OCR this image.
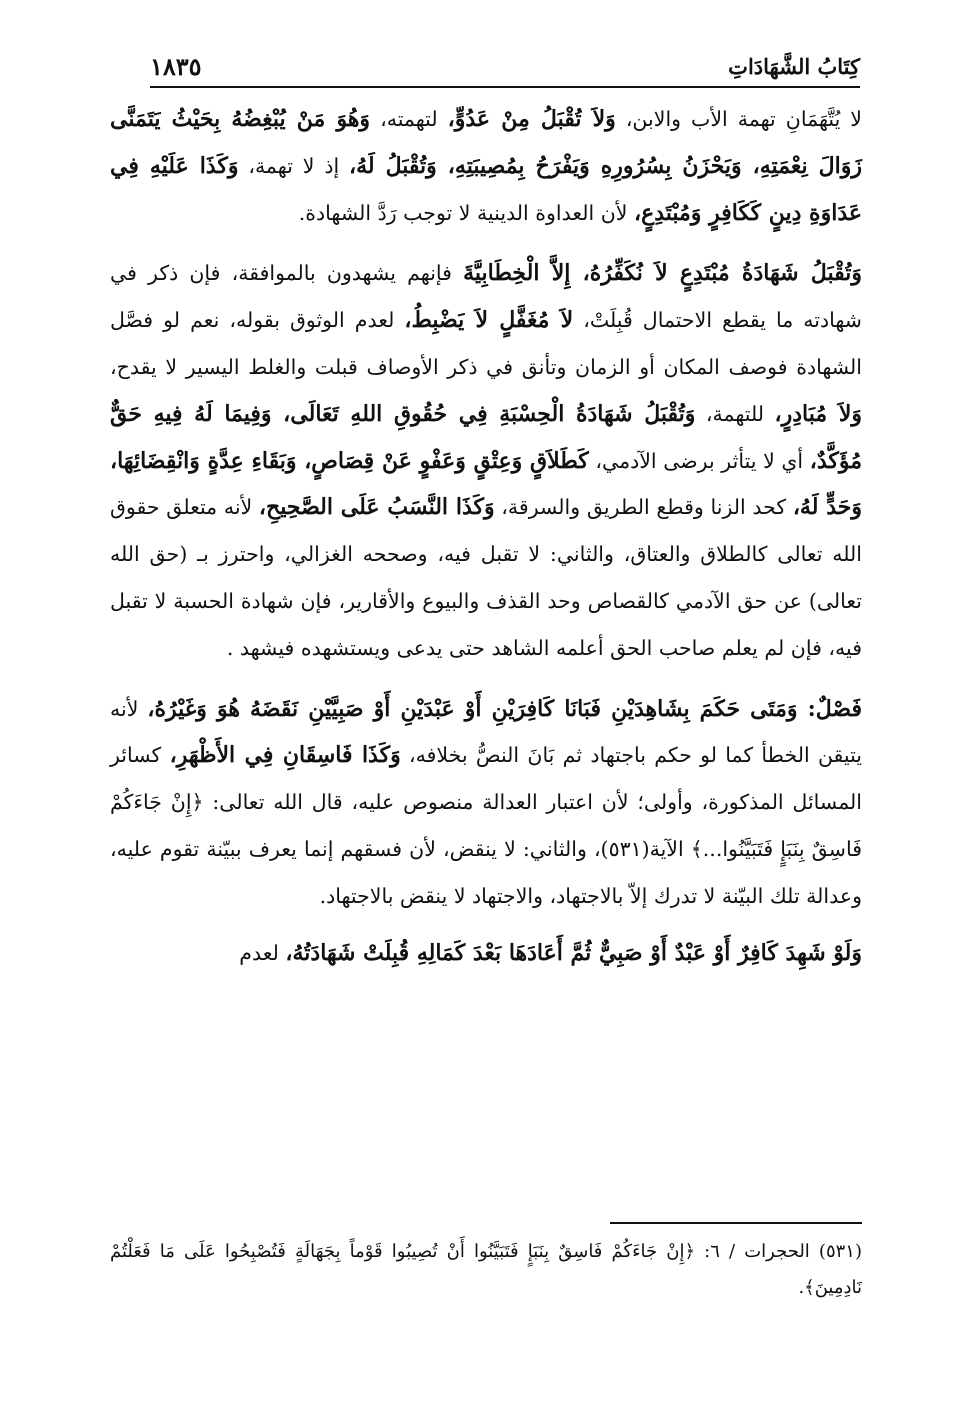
١٨٣٥	كِتَابُ الشَّهَادَاتِ

لا يُتَّهَمَانِ تهمة الأب والابن، وَلاَ تُقْبَلُ مِنْ عَدُوٍّ، لتهمته، وَهُوَ مَنْ يُبْغِضُهُ بِحَيْثُ يَتَمَنَّى زَوَالَ نِعْمَتِهِ، وَيَحْزَنُ بِسُرُورِهِ وَيَفْرَحُ بِمُصِيبَتِهِ، وَتُقْبَلُ لَهُ، إذ لا تهمة، وَكَذَا عَلَيْهِ فِي عَدَاوَةِ دِينٍ كَكَافِرٍ وَمُبْتَدِعٍ، لأن العداوة الدينية لا توجب رَدَّ الشهادة.

وَتُقْبَلُ شَهَادَةُ مُبْتَدِعٍ لاَ نُكَفِّرُهُ، إِلاَّ الْخِطَابِيَّةَ فإنهم يشهدون بالموافقة، فإن ذكر في شهادته ما يقطع الاحتمال قُبِلَتْ، لاَ مُغَفَّلٍ لاَ يَضْبِطُ، لعدم الوثوق بقوله، نعم لو فصَّل الشهادة فوصف المكان أو الزمان وتأنق في ذكر الأوصاف قبلت والغلط اليسير لا يقدح، وَلاَ مُبَادِرٍ، للتهمة، وَتُقْبَلُ شَهَادَةُ الْحِسْبَةِ فِي حُقُوقِ اللهِ تَعَالَى، وَفِيمَا لَهُ فِيهِ حَقٌّ مُؤَكَّدٌ، أي لا يتأثر برضى الآدمي، كَطَلاَقٍ وَعِتْقٍ وَعَفْوٍ عَنْ قِصَاصٍ، وَبَقَاءِ عِدَّةٍ وَانْقِضَائِهَا، وَحَدٍّ لَهُ، كحد الزنا وقطع الطريق والسرقة، وَكَذَا النَّسَبُ عَلَى الصَّحِيحِ، لأنه متعلق حقوق الله تعالى كالطلاق والعتاق، والثاني: لا تقبل فيه، وصححه الغزالي، واحترز بـ (حق الله تعالى) عن حق الآدمي كالقصاص وحد القذف والبيوع والأقارير، فإن شهادة الحسبة لا تقبل فيه، فإن لم يعلم صاحب الحق أعلمه الشاهد حتى يدعى ويستشهده فيشهد .

فَصْلٌ: وَمَتَى حَكَمَ بِشَاهِدَيْنِ فَبَانَا كَافِرَيْنِ أَوْ عَبْدَيْنِ أَوْ صَبِيَّيْنِ نَقَضَهُ هُوَ وَغَيْرُهُ، لأنه يتيقن الخطأ كما لو حكم باجتهاد ثم بَانَ النصُّ بخلافه، وَكَذَا فَاسِقَانِ فِي الأَظْهَرِ، كسائر المسائل المذكورة، وأولى؛ لأن اعتبار العدالة منصوص عليه، قال الله تعالى: ﴿إِنْ جَاءَكُمْ فَاسِقٌ بِنَبَإٍ فَتَبَيَّنُوا...﴾ الآية(٥٣١)، والثاني: لا ينقض، لأن فسقهم إنما يعرف ببيّنة تقوم عليه، وعدالة تلك البيّنة لا تدرك إلاّ بالاجتهاد، والاجتهاد لا ينقض بالاجتهاد.

وَلَوْ شَهِدَ كَافِرٌ أَوْ عَبْدٌ أَوْ صَبِيٌّ ثُمَّ أَعَادَهَا بَعْدَ كَمَالِهِ قُبِلَتْ شَهَادَتُهُ، لعدم

(٥٣١) الحجرات / ٦: ﴿إِنْ جَاءَكُمْ فَاسِقٌ بِنَبَإٍ فَتَبَيَّنُوا أَنْ تُصِيبُوا قَوْماً بِجَهَالَةٍ فَتُصْبِحُوا عَلَى مَا فَعَلْتُمْ نَادِمِينَ﴾.
